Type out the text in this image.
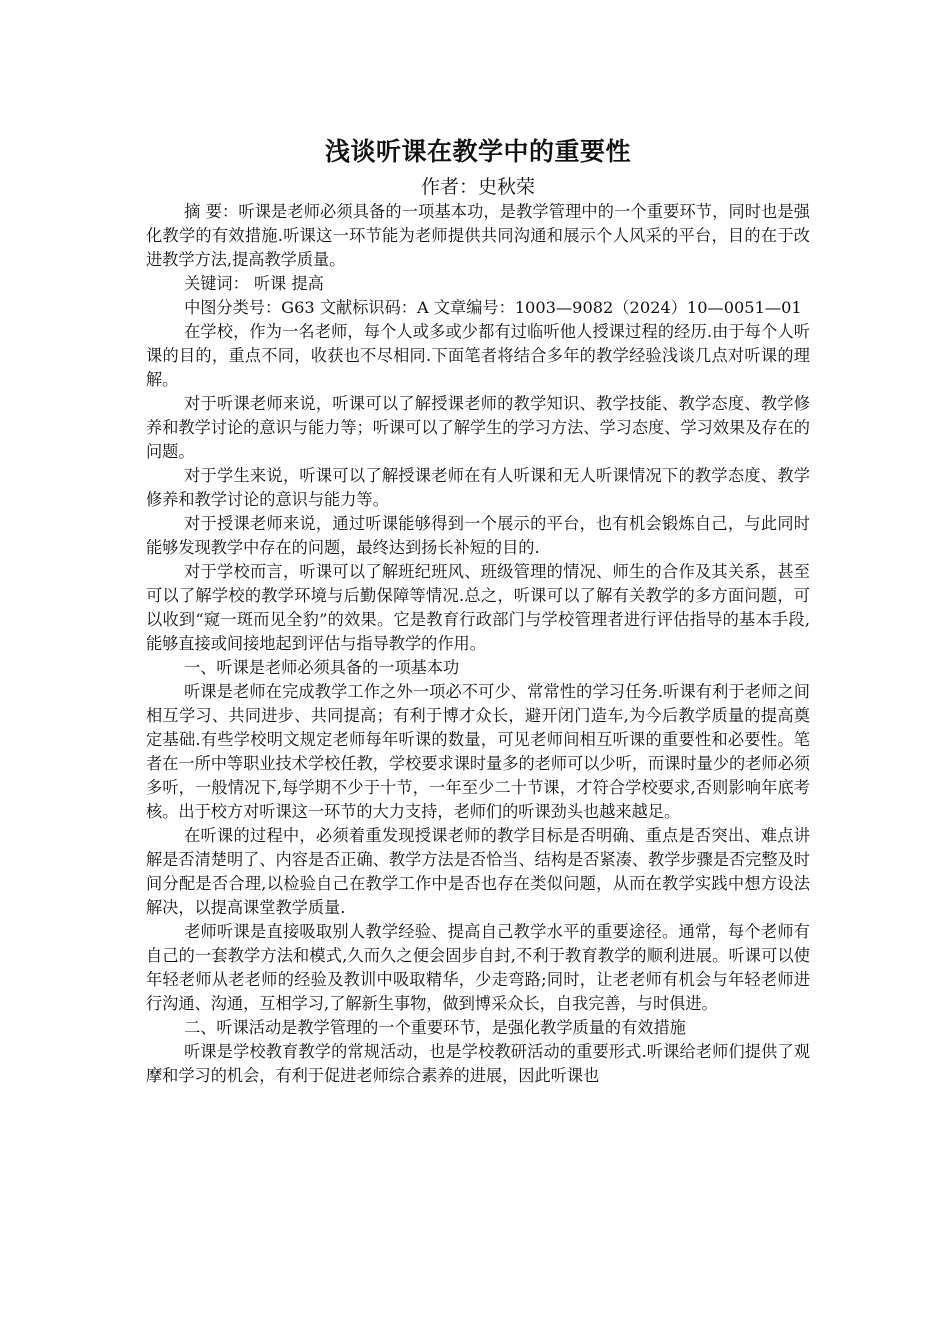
浅谈听课在教学中的重要性
作者：史秋荣

摘 要：听课是老师必须具备的一项基本功，是教学管理中的一个重要环节，同时也是强化教学的有效措施.听课这一环节能为老师提供共同沟通和展示个人风采的平台，目的在于改进教学方法,提高教学质量。

关键词： 听课 提高

中图分类号：G63 文献标识码：A 文章编号：1003—9082（2024）10—0051—01

在学校，作为一名老师，每个人或多或少都有过临听他人授课过程的经历.由于每个人听课的目的，重点不同，收获也不尽相同.下面笔者将结合多年的教学经验浅谈几点对听课的理解。

对于听课老师来说，听课可以了解授课老师的教学知识、教学技能、教学态度、教学修养和教学讨论的意识与能力等；听课可以了解学生的学习方法、学习态度、学习效果及存在的问题。

对于学生来说，听课可以了解授课老师在有人听课和无人听课情况下的教学态度、教学修养和教学讨论的意识与能力等。

对于授课老师来说，通过听课能够得到一个展示的平台，也有机会锻炼自己，与此同时能够发现教学中存在的问题，最终达到扬长补短的目的.

对于学校而言，听课可以了解班纪班风、班级管理的情况、师生的合作及其关系，甚至可以了解学校的教学环境与后勤保障等情况.总之，听课可以了解有关教学的多方面问题，可以收到“窥一斑而见全豹”的效果。它是教育行政部门与学校管理者进行评估指导的基本手段,能够直接或间接地起到评估与指导教学的作用。

一、听课是老师必须具备的一项基本功

听课是老师在完成教学工作之外一项必不可少、常常性的学习任务.听课有利于老师之间相互学习、共同进步、共同提高；有利于博才众长，避开闭门造车,为今后教学质量的提高奠定基础.有些学校明文规定老师每年听课的数量，可见老师间相互听课的重要性和必要性。笔者在一所中等职业技术学校任教，学校要求课时量多的老师可以少听，而课时量少的老师必须多听，一般情况下,每学期不少于十节，一年至少二十节课，才符合学校要求,否则影响年底考核。出于校方对听课这一环节的大力支持，老师们的听课劲头也越来越足。

在听课的过程中，必须着重发现授课老师的教学目标是否明确、重点是否突出、难点讲解是否清楚明了、内容是否正确、教学方法是否恰当、结构是否紧凑、教学步骤是否完整及时间分配是否合理,以检验自己在教学工作中是否也存在类似问题，从而在教学实践中想方设法解决，以提高课堂教学质量.

老师听课是直接吸取别人教学经验、提高自己教学水平的重要途径。通常，每个老师有自己的一套教学方法和模式,久而久之便会固步自封,不利于教育教学的顺利进展。听课可以使年轻老师从老老师的经验及教训中吸取精华，少走弯路;同时，让老老师有机会与年轻老师进行沟通、沟通，互相学习,了解新生事物，做到博采众长，自我完善，与时俱进。

二、听课活动是教学管理的一个重要环节，是强化教学质量的有效措施

听课是学校教育教学的常规活动，也是学校教研活动的重要形式.听课给老师们提供了观摩和学习的机会，有利于促进老师综合素养的进展，因此听课也
